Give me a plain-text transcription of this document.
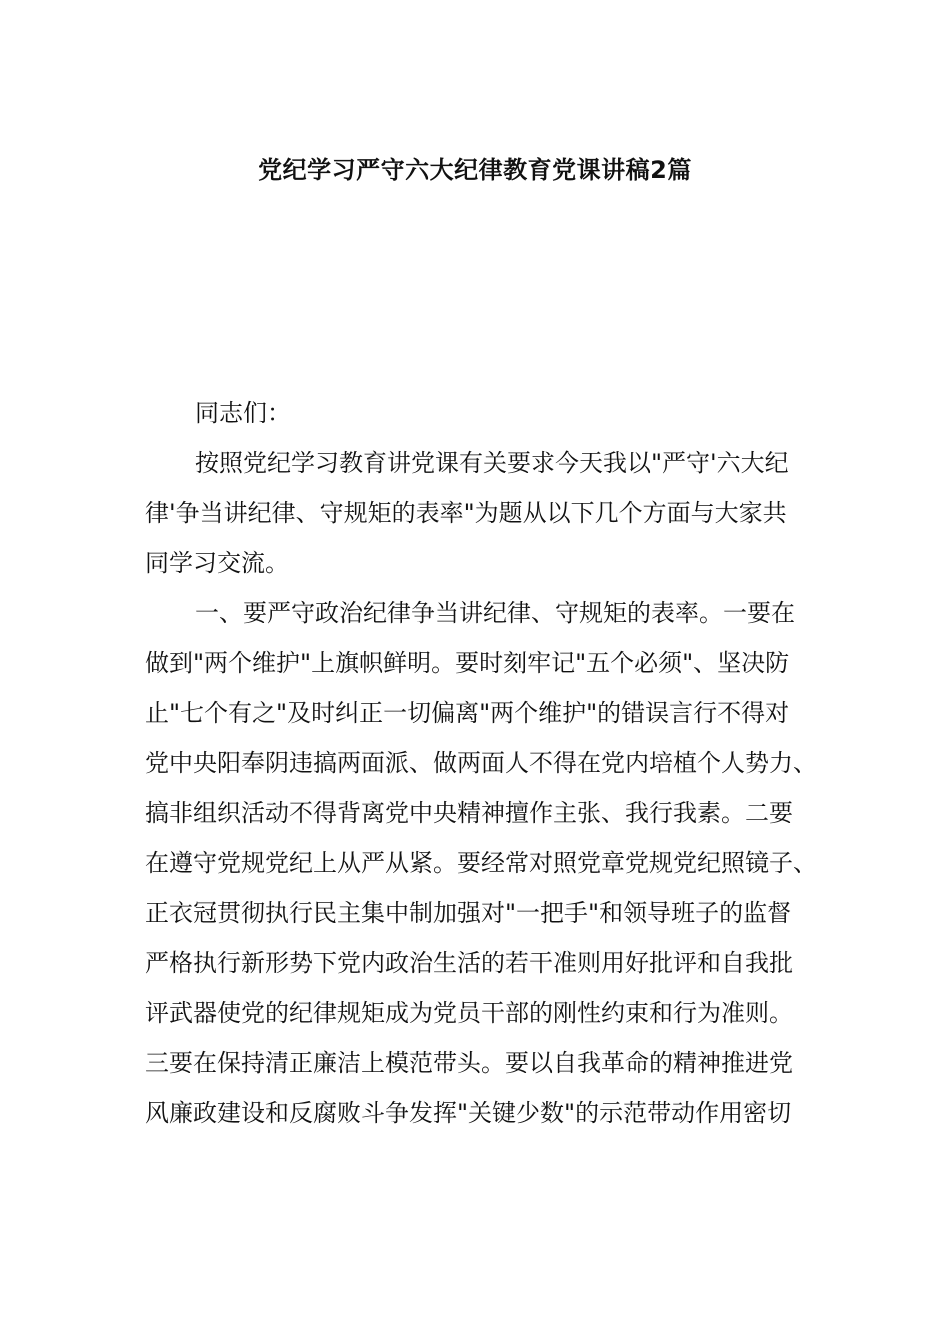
党纪学习严守六大纪律教育党课讲稿2篇

同志们：

按照党纪学习教育讲党课有关要求今天我以"严守'六大纪

律'争当讲纪律、守规矩的表率"为题从以下几个方面与大家共

同学习交流。

一、要严守政治纪律争当讲纪律、守规矩的表率。一要在

做到"两个维护"上旗帜鲜明。要时刻牢记"五个必须"、坚决防

止"七个有之"及时纠正一切偏离"两个维护"的错误言行不得对

党中央阳奉阴违搞两面派、做两面人不得在党内培植个人势力、

搞非组织活动不得背离党中央精神擅作主张、我行我素。二要

在遵守党规党纪上从严从紧。要经常对照党章党规党纪照镜子、

正衣冠贯彻执行民主集中制加强对"一把手"和领导班子的监督

严格执行新形势下党内政治生活的若干准则用好批评和自我批

评武器使党的纪律规矩成为党员干部的刚性约束和行为准则。

三要在保持清正廉洁上模范带头。要以自我革命的精神推进党

风廉政建设和反腐败斗争发挥"关键少数"的示范带动作用密切
